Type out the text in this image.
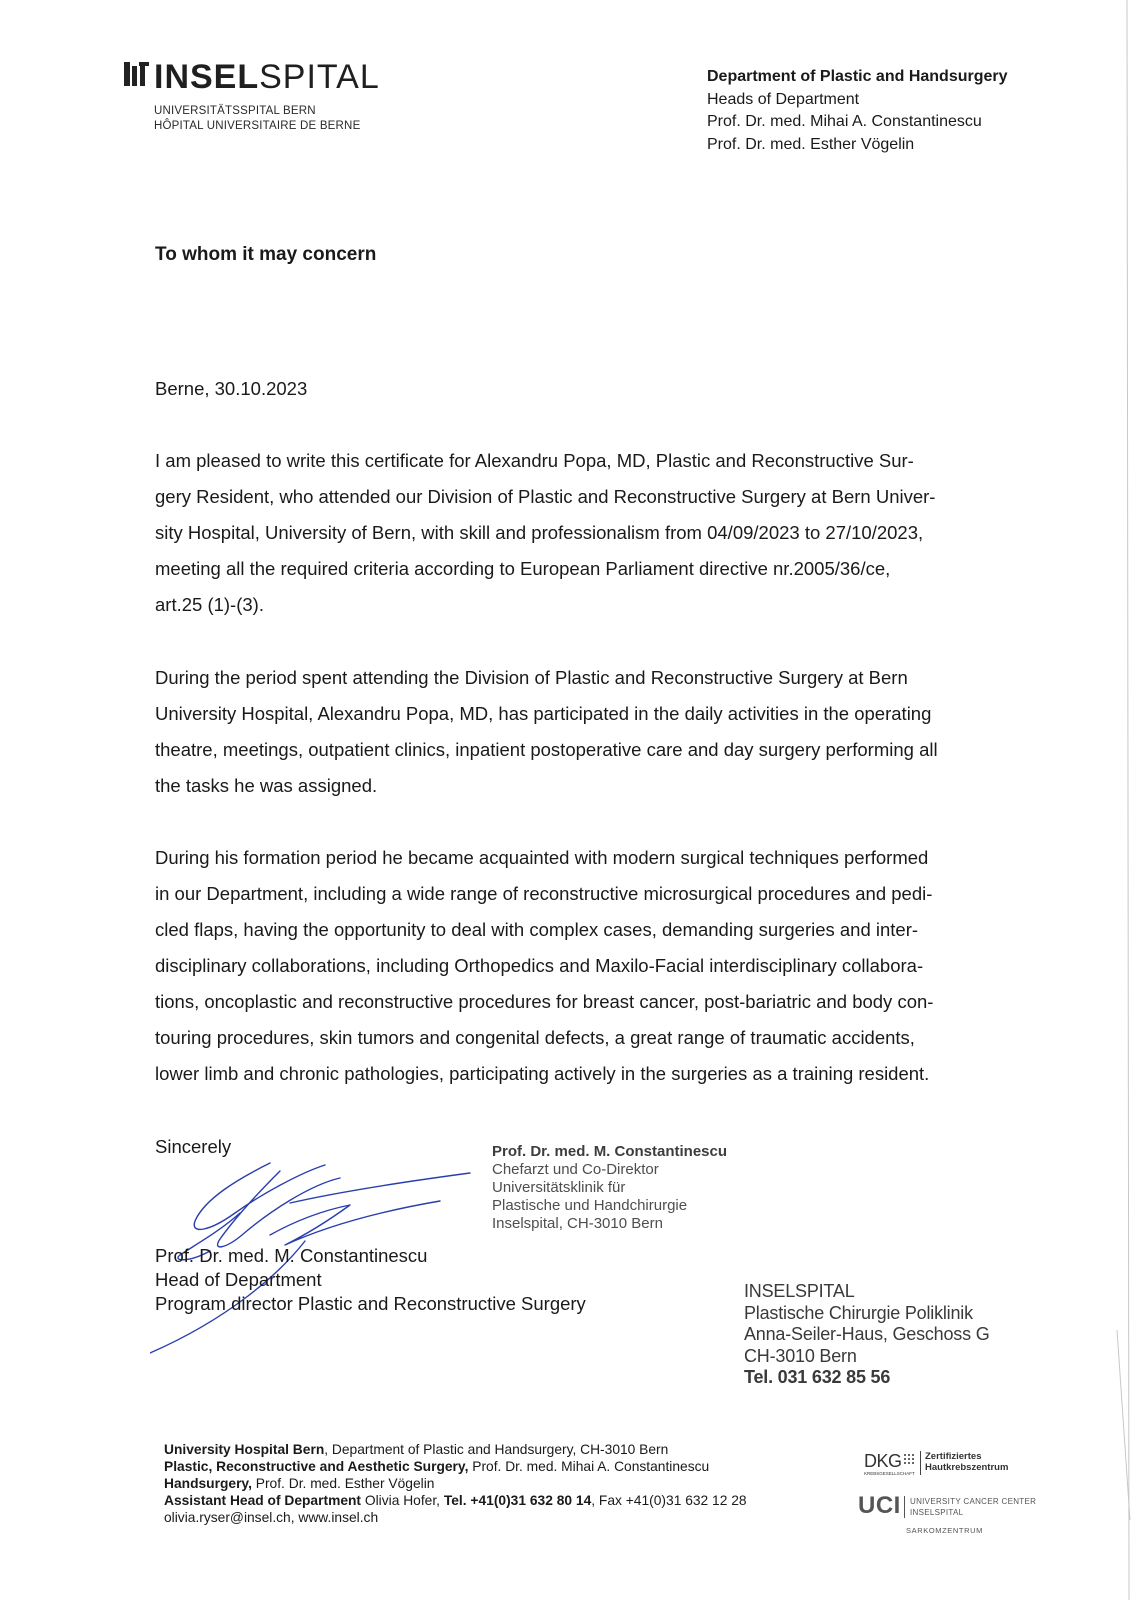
INSELSPITAL
UNIVERSITÄTSSPITAL BERN
HÔPITAL UNIVERSITAIRE DE BERNE
Department of Plastic and Handsurgery
Heads of Department
Prof. Dr. med. Mihai A. Constantinescu
Prof. Dr. med. Esther Vögelin
To whom it may concern
Berne, 30.10.2023
I am pleased to write this certificate for Alexandru Popa, MD, Plastic and Reconstructive Sur-
gery Resident, who attended our Division of Plastic and Reconstructive Surgery at Bern Univer-
sity Hospital, University of Bern, with skill and professionalism from 04/09/2023 to 27/10/2023,
meeting all the required criteria according to European Parliament directive nr.2005/36/ce,
art.25 (1)-(3).
During the period spent attending the Division of Plastic and Reconstructive Surgery at Bern
University Hospital, Alexandru Popa, MD, has participated in the daily activities in the operating
theatre, meetings, outpatient clinics, inpatient postoperative care and day surgery performing all
the tasks he was assigned.
During his formation period he became acquainted with modern surgical techniques performed
in our Department, including a wide range of reconstructive microsurgical procedures and pedi-
cled flaps, having the opportunity to deal with complex cases, demanding surgeries and inter-
disciplinary collaborations, including Orthopedics and Maxilo-Facial interdisciplinary collabora-
tions, oncoplastic and reconstructive procedures for breast cancer, post-bariatric and body con-
touring procedures, skin tumors and congenital defects, a great range of traumatic accidents,
lower limb and chronic pathologies, participating actively in the surgeries as a training resident.
Sincerely	Prof. Dr. med. M. Constantinescu
Chefarzt und Co-Direktor
Universitätsklinik für
Plastische und Handchirurgie
Inselspital, CH-3010 Bern
Prof. Dr. med. M. Constantinescu
Head of Department
Program director Plastic and Reconstructive Surgery
INSELSPITAL
Plastische Chirurgie Poliklinik
Anna-Seiler-Haus, Geschoss G
CH-3010 Bern
Tel. 031 632 85 56
University Hospital Bern, Department of Plastic and Handsurgery, CH-3010 Bern
Plastic, Reconstructive and Aesthetic Surgery, Prof. Dr. med. Mihai A. Constantinescu
Handsurgery, Prof. Dr. med. Esther Vögelin
Assistant Head of Department Olivia Hofer, Tel. +41(0)31 632 80 14, Fax +41(0)31 632 12 28
olivia.ryser@insel.ch, www.insel.ch
DKG
KREBSGESELLSCHAFT
Zertifiziertes
Hautkrebszentrum
UCI UNIVERSITY CANCER CENTER
INSELSPITAL
SARKOMZENTRUM
